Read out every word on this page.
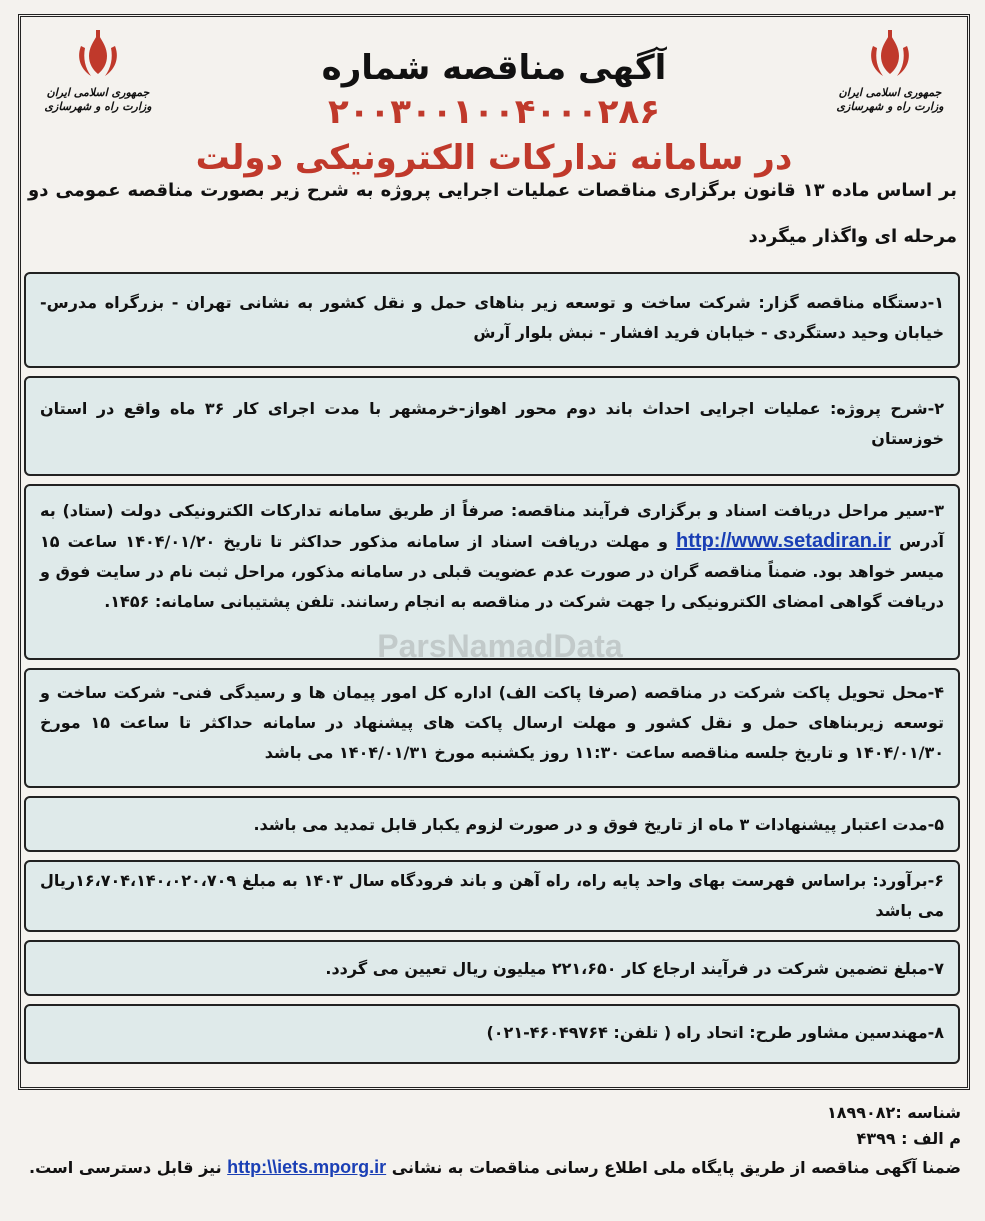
جمهوری اسلامی ایران
وزارت راه و شهرسازی
جمهوری اسلامی ایران
وزارت راه و شهرسازی
آگهی مناقصه شماره ۲۰۰۳۰۰۱۰۰۴۰۰۰۲۸۶
در سامانه تدارکات الکترونیکی دولت
بر اساس ماده ۱۳ قانون برگزاری مناقصات عملیات اجرایی پروژه به شرح زیر بصورت مناقصه عمومی دو مرحله ای واگذار میگردد
۱-دستگاه مناقصه گزار: شرکت ساخت و توسعه زیر بناهای حمل و نقل کشور به نشانی تهران - بزرگراه مدرس- خیابان وحید دستگردی - خیابان فرید افشار - نبش بلوار آرش
۲-شرح پروژه: عملیات اجرایی احداث باند دوم محور اهواز-خرمشهر با مدت اجرای کار ۳۶ ماه واقع در استان خوزستان
۳-سیر مراحل دریافت اسناد و برگزاری فرآیند مناقصه: صرفاً از طریق سامانه تدارکات الکترونیکی دولت (ستاد) به آدرس http://www.setadiran.ir و مهلت دریافت اسناد از سامانه مذکور حداکثر تا تاریخ ۱۴۰۴/۰۱/۲۰ ساعت ۱۵ میسر خواهد بود. ضمناً مناقصه گران در صورت عدم عضویت قبلی در سامانه مذکور، مراحل ثبت نام در سایت فوق و دریافت گواهی امضای الکترونیکی را جهت شرکت در مناقصه به انجام رسانند. تلفن پشتیبانی سامانه: ۱۴۵۶.
۴-محل تحویل پاکت شرکت در مناقصه (صرفا پاکت الف) اداره کل امور پیمان ها و رسیدگی فنی- شرکت ساخت و توسعه زیربناهای حمل و نقل کشور و مهلت ارسال پاکت های پیشنهاد در سامانه حداکثر تا ساعت ۱۵ مورخ ۱۴۰۴/۰۱/۳۰ و تاریخ جلسه مناقصه ساعت ۱۱:۳۰ روز یکشنبه مورخ ۱۴۰۴/۰۱/۳۱ می باشد
۵-مدت اعتبار پیشنهادات ۳ ماه از تاریخ فوق و در صورت لزوم یکبار قابل تمدید می باشد.
۶-برآورد: براساس فهرست بهای واحد پایه راه، راه آهن و باند فرودگاه سال ۱۴۰۳ به مبلغ ۱۶،۷۰۴،۱۴۰،۰۲۰،۷۰۹ریال می باشد
۷-مبلغ تضمین شرکت در فرآیند ارجاع کار ۲۲۱،۶۵۰ میلیون ریال تعیین می گردد.
۸-مهندسین مشاور طرح: اتحاد راه ( تلفن: ۴۶۰۴۹۷۶۴-۰۲۱)
ParsNamadData
شناسه :۱۸۹۹۰۸۲
م الف : ۴۳۹۹
ضمنا آگهی مناقصه از طریق پایگاه ملی اطلاع رسانی مناقصات به نشانی http:\\iets.mporg.ir نیز قابل دسترسی است.
